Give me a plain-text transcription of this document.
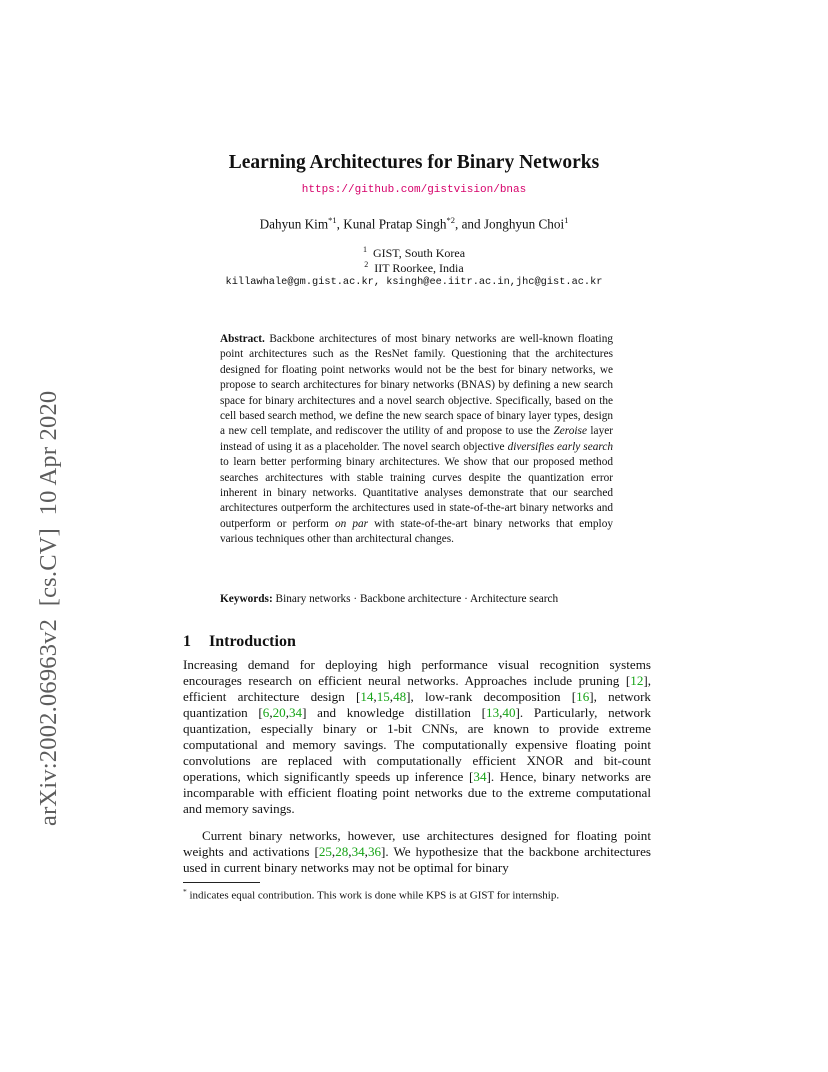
arXiv:2002.06963v2  [cs.CV]  10 Apr 2020
Learning Architectures for Binary Networks
https://github.com/gistvision/bnas
Dahyun Kim$^{*1}$, Kunal Pratap Singh$^{*2}$, and Jonghyun Choi$^1$
$^1$ GIST, South Korea
$^2$ IIT Roorkee, India
killawhale@gm.gist.ac.kr, ksingh@ee.iitr.ac.in,jhc@gist.ac.kr

Abstract. Backbone architectures of most binary networks are well-known floating point architectures such as the ResNet family. Questioning that the architectures designed for floating point networks would not be the best for binary networks, we propose to search architectures for binary networks (BNAS) by defining a new search space for binary architectures and a novel search objective. Specifically, based on the cell based search method, we define the new search space of binary layer types, design a new cell template, and rediscover the utility of and propose to use the Zeroise layer instead of using it as a placeholder. The novel search objective diversifies early search to learn better performing binary architectures. We show that our proposed method searches architectures with stable training curves despite the quantization error inherent in binary networks. Quantitative analyses demonstrate that our searched architectures outperform the architectures used in state-of-the-art binary networks and outperform or perform on par with state-of-the-art binary networks that employ various techniques other than architectural changes.

Keywords: Binary networks · Backbone architecture · Architecture search
1 Introduction

Increasing demand for deploying high performance visual recognition systems encourages research on efficient neural networks. Approaches include pruning [12], efficient architecture design [14,15,48], low-rank decomposition [16], network quantization [6,20,34] and knowledge distillation [13,40]. Particularly, network quantization, especially binary or 1-bit CNNs, are known to provide extreme computational and memory savings. The computationally expensive floating point convolutions are replaced with computationally efficient XNOR and bit-count operations, which significantly speeds up inference [34]. Hence, binary networks are incomparable with efficient floating point networks due to the extreme computational and memory savings.

Current binary networks, however, use architectures designed for floating point weights and activations [25,28,34,36]. We hypothesize that the backbone architectures used in current binary networks may not be optimal for binary

* indicates equal contribution. This work is done while KPS is at GIST for internship.
